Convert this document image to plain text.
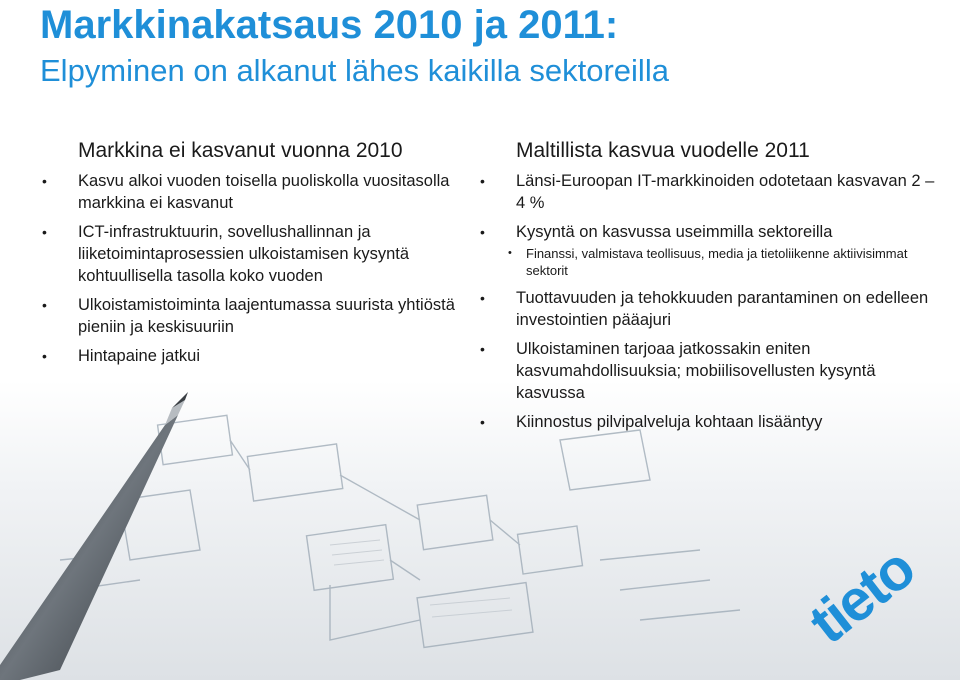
Markkinakatsaus 2010 ja 2011:
Elpyminen on alkanut lähes kaikilla sektoreilla
Markkina ei kasvanut vuonna 2010
• Kasvu alkoi vuoden toisella puoliskolla vuositasolla markkina ei kasvanut
• ICT-infrastruktuurin, sovellushallinnan ja liiketoimintaprosessien ulkoistamisen kysyntä kohtuullisella tasolla koko vuoden
• Ulkoistamistoiminta laajentumassa suurista yhtiöstä pieniin ja keskisuuriin
• Hintapaine jatkui
Maltillista kasvua vuodelle 2011
• Länsi-Euroopan IT-markkinoiden odotetaan kasvavan 2 – 4 %
• Kysyntä on kasvussa useimmilla sektoreilla
• Finanssi, valmistava teollisuus, media ja tietoliikenne aktiivisimmat sektorit
• Tuottavuuden ja tehokkuuden parantaminen on edelleen investointien pääajuri
• Ulkoistaminen tarjoaa jatkossakin eniten kasvumahdollisuuksia; mobiilisovellusten kysyntä kasvussa
• Kiinnostus pilvipalveluja kohtaan lisääntyy
tieto
